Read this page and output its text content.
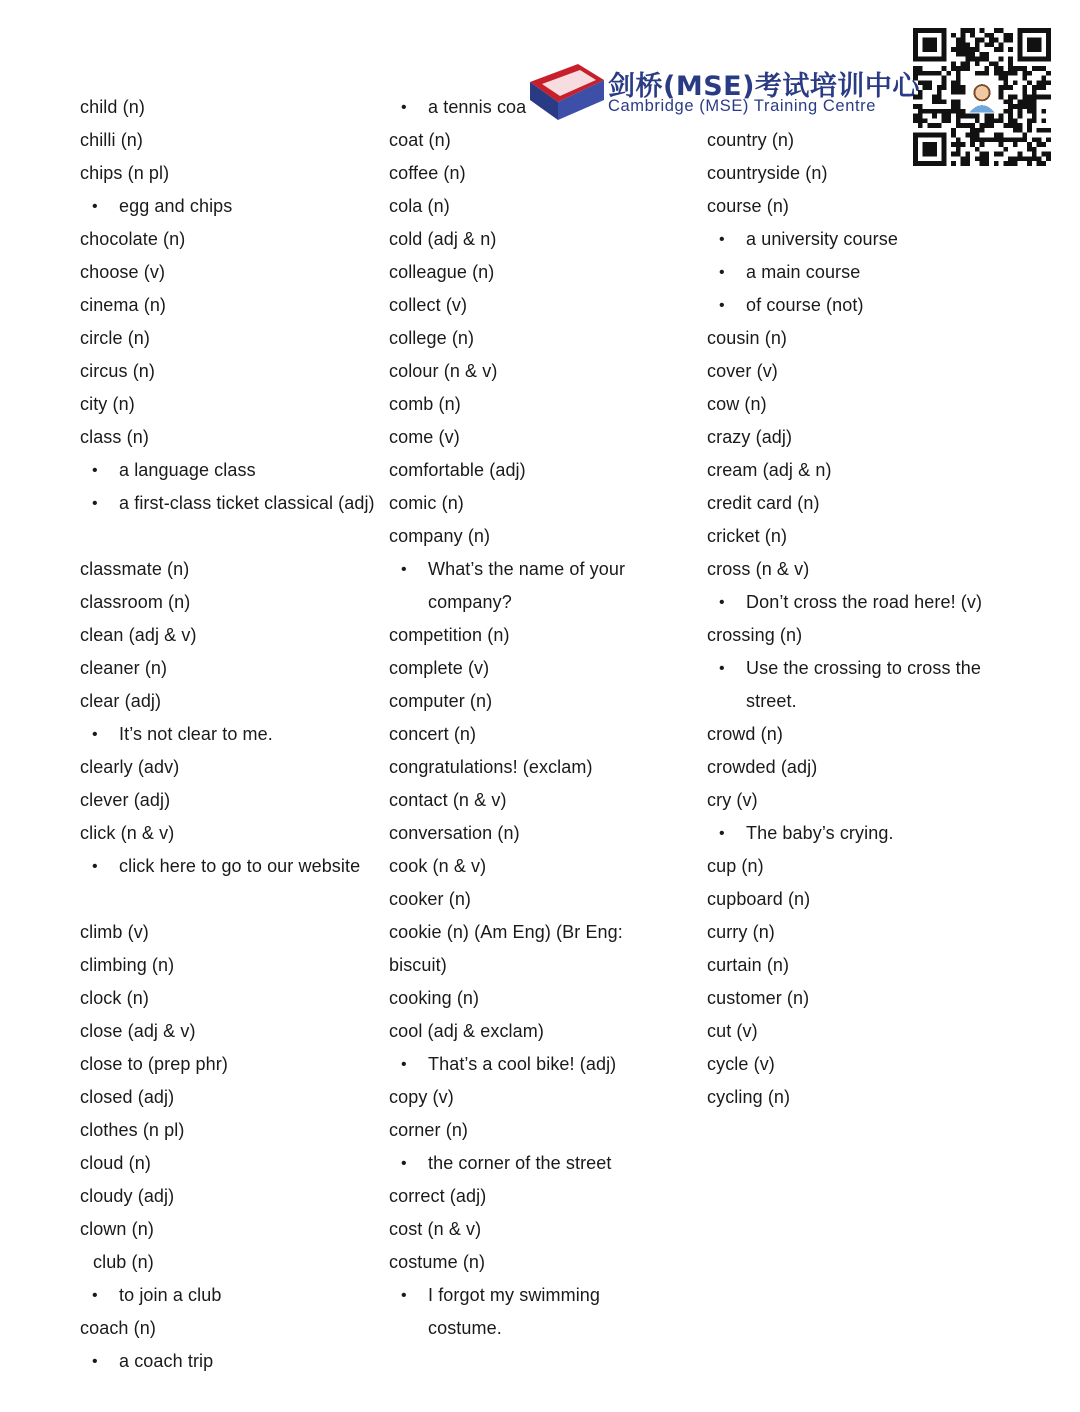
child (n)
chilli (n)
chips (n pl)
• egg and chips
chocolate (n)
choose (v)
cinema (n)
circle (n)
circus (n)
city (n)
class (n)
• a language class
• a first-class ticket classical (adj)
classmate (n)
classroom (n)
clean (adj & v)
cleaner (n)
clear (adj)
• It’s not clear to me.
clearly (adv)
clever (adj)
click (n & v)
• click here to go to our website
climb (v)
climbing (n)
clock (n)
close (adj & v)
close to (prep phr)
closed (adj)
clothes (n pl)
cloud (n)
cloudy (adj)
clown (n)
club (n)
• to join a club
coach (n)
• a coach trip
• a tennis coa
coat (n)
coffee (n)
cola (n)
cold (adj & n)
colleague (n)
collect (v)
college (n)
colour (n & v)
comb (n)
come (v)
comfortable (adj)
comic (n)
company (n)
• What’s the name of your company?
competition (n)
complete (v)
computer (n)
concert (n)
congratulations! (exclam)
contact (n & v)
conversation (n)
cook (n & v)
cooker (n)
cookie (n) (Am Eng) (Br Eng: biscuit)
cooking (n)
cool (adj & exclam)
• That’s a cool bike! (adj)
copy (v)
corner (n)
• the corner of the street
correct (adj)
cost (n & v)
costume (n)
• I forgot my swimming costume.
country (n)
countryside (n)
course (n)
• a university course
• a main course
• of course (not)
cousin (n)
cover (v)
cow (n)
crazy (adj)
cream (adj & n)
credit card (n)
cricket (n)
cross (n & v)
• Don’t cross the road here! (v)
crossing (n)
• Use the crossing to cross the street.
crowd (n)
crowded (adj)
cry (v)
• The baby’s crying.
cup (n)
cupboard (n)
curry (n)
curtain (n)
customer (n)
cut (v)
cycle (v)
cycling (n)
剑桥(MSE)考试培训中心
Cambridge (MSE) Training Centre
